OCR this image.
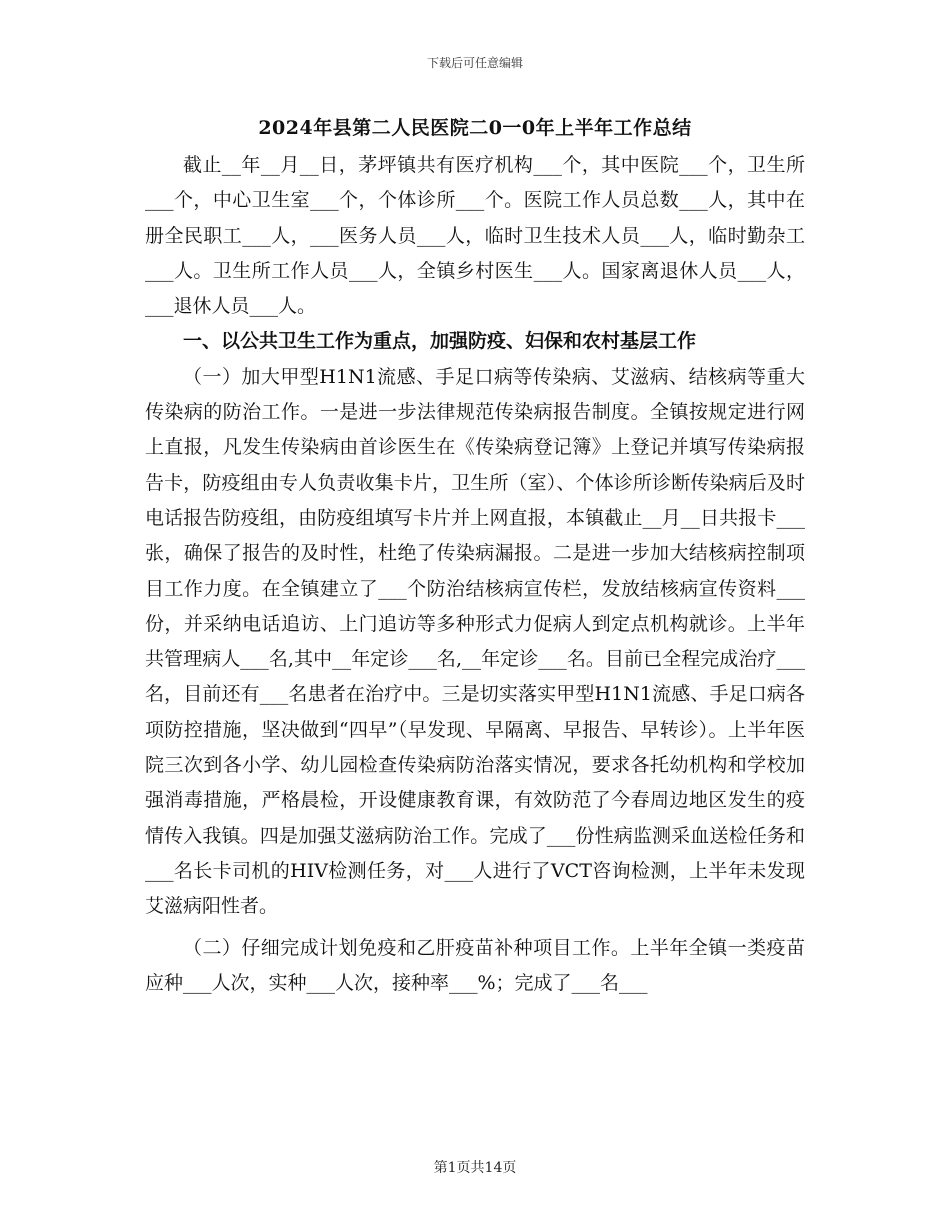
下载后可任意编辑
2024年县第二人民医院二0一0年上半年工作总结

截止__年__月__日，茅坪镇共有医疗机构___个，其中医院___个，卫生所___个，中心卫生室___个，个体诊所___个。医院工作人员总数___人，其中在册全民职工___人，___医务人员___人，临时卫生技术人员___人，临时勤杂工___人。卫生所工作人员___人，全镇乡村医生___人。国家离退休人员___人，___退休人员___人。

一、以公共卫生工作为重点，加强防疫、妇保和农村基层工作

（一）加大甲型H1N1流感、手足口病等传染病、艾滋病、结核病等重大传染病的防治工作。一是进一步法律规范传染病报告制度。全镇按规定进行网上直报，凡发生传染病由首诊医生在《传染病登记簿》上登记并填写传染病报告卡，防疫组由专人负责收集卡片，卫生所（室）、个体诊所诊断传染病后及时电话报告防疫组，由防疫组填写卡片并上网直报，本镇截止__月__日共报卡___张，确保了报告的及时性，杜绝了传染病漏报。二是进一步加大结核病控制项目工作力度。在全镇建立了___个防治结核病宣传栏，发放结核病宣传资料___份，并采纳电话追访、上门追访等多种形式力促病人到定点机构就诊。上半年共管理病人___名,其中__年定诊___名,__年定诊___名。目前已全程完成治疗___名，目前还有___名患者在治疗中。三是切实落实甲型H1N1流感、手足口病各项防控措施，坚决做到“四早”（早发现、早隔离、早报告、早转诊）。上半年医院三次到各小学、幼儿园检查传染病防治落实情况，要求各托幼机构和学校加强消毒措施，严格晨检，开设健康教育课，有效防范了今春周边地区发生的疫情传入我镇。四是加强艾滋病防治工作。完成了___份性病监测采血送检任务和___名长卡司机的HIV检测任务，对___人进行了VCT咨询检测，上半年未发现艾滋病阳性者。

（二）仔细完成计划免疫和乙肝疫苗补种项目工作。上半年全镇一类疫苗应种___人次，实种___人次，接种率___%；完成了___名___

第1页共14页
